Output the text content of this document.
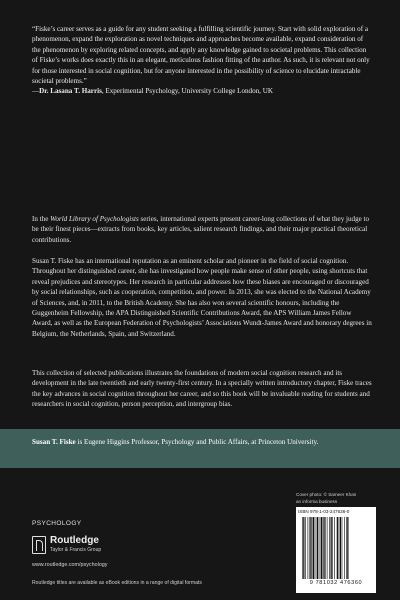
“Fiske’s career serves as a guide for any student seeking a fulfilling scientific journey. Start with solid exploration of a phenomenon, expand the exploration as novel techniques and approaches become available, expand consideration of the phenomenon by exploring related concepts, and apply any knowledge gained to societal problems. This collection of Fiske’s works does exactly this in an elegant, meticulous fashion fitting of the author. As such, it is relevant not only for those interested in social cognition, but for anyone interested in the possibility of science to elucidate intractable societal problems.”
—Dr. Lasana T. Harris, Experimental Psychology, University College London, UK
In the World Library of Psychologists series, international experts present career-long collections of what they judge to be their finest pieces—extracts from books, key articles, salient research findings, and their major practical theoretical contributions.
Susan T. Fiske has an international reputation as an eminent scholar and pioneer in the field of social cognition. Throughout her distinguished career, she has investigated how people make sense of other people, using shortcuts that reveal prejudices and stereotypes. Her research in particular addresses how these biases are encouraged or discouraged by social relationships, such as cooperation, competition, and power. In 2013, she was elected to the National Academy of Sciences, and, in 2011, to the British Academy. She has also won several scientific honours, including the Guggenheim Fellowship, the APA Distinguished Scientific Contributions Award, the APS William James Fellow Award, as well as the European Federation of Psychologists’ Associations Wundt-James Award and honorary degrees in Belgium, the Netherlands, Spain, and Switzerland.
This collection of selected publications illustrates the foundations of modern social cognition research and its development in the late twentieth and early twenty-first century. In a specially written introductory chapter, Fiske traces the key advances in social cognition throughout her career, and so this book will be invaluable reading for students and researchers in social cognition, person perception, and intergroup bias.
Susan T. Fiske is Eugene Higgins Professor, Psychology and Public Affairs, at Princeton University.
PSYCHOLOGY
Routledge
Taylor & Francis Group
www.routledge.com/psychology
Routledge titles are available as eBook editions in a range of digital formats
Cover photo: © Sameer Khan
an informa business
ISBN 978-1-03-247636-0
9 781032 476360
